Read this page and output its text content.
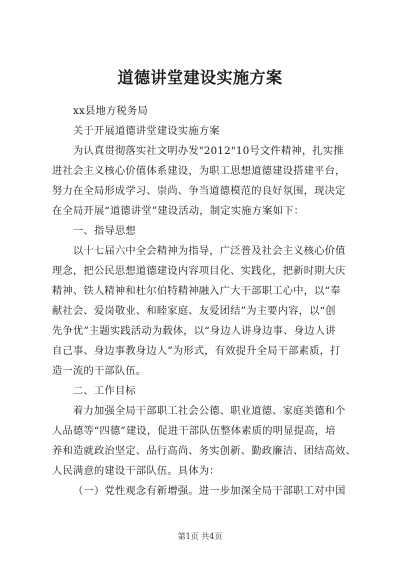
道德讲堂建设实施方案
xx县地方税务局
关于开展道德讲堂建设实施方案
为认真贯彻落实社文明办发"2012"10号文件精神，扎实推
进社会主义核心价值体系建设，为职工思想道德建设搭建平台，
努力在全局形成学习、崇尚、争当道德模范的良好氛围，现决定
在全局开展“道德讲堂”建设活动，制定实施方案如下：
一、指导思想
以十七届六中全会精神为指导，广泛普及社会主义核心价值
理念，把公民思想道德建设内容项目化、实践化，把新时期大庆
精神、铁人精神和杜尔伯特精神融入广大干部职工心中，以“奉
献社会、爱岗敬业、和睦家庭、友爱团结”为主要内容，以“创
先争优”主题实践活动为载体，以“身边人讲身边事、身边人讲
自己事、身边事教身边人”为形式，有效提升全局干部素质，打
造一流的干部队伍。
二、工作目标
着力加强全局干部职工社会公德、职业道德、家庭美德和个
人品德等“四德”建设，促进干部队伍整体素质的明显提高，培
养和造就政治坚定、品行高尚、务实创新、勤政廉洁、团结高效、
人民满意的建设干部队伍。具体为：
（一）党性观念有新增强。进一步加深全局干部职工对中国
第1页 共4页
